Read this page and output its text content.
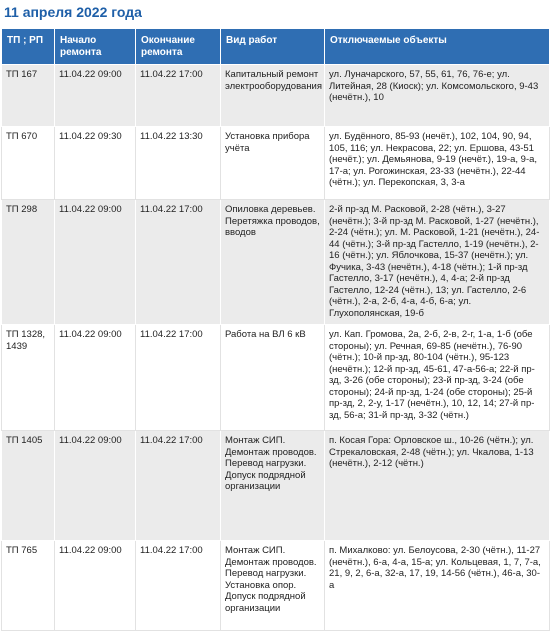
11 апреля 2022 года
ТП ; РП	Начало ремонта	Окончание ремонта	Вид работ	Отключаемые объекты
ТП 167	11.04.22 09:00	11.04.22 17:00	Капитальный ремонт электрооборудования	ул. Луначарского, 57, 55, 61, 76, 76-е; ул. Литейная, 28 (Киоск); ул. Комсомольского, 9-43 (нечётн.), 10
ТП 670	11.04.22 09:30	11.04.22 13:30	Установка прибора учёта	ул. Будённого, 85-93 (нечёт.), 102, 104, 90, 94, 105, 116; ул. Некрасова, 22; ул. Ершова, 43-51 (нечёт.); ул. Демьянова, 9-19 (нечёт.), 19-а, 9-а, 17-а; ул. Рогожинская, 23-33 (нечётн.), 22-44 (чётн.); ул. Перекопская, 3, 3-а
ТП 298	11.04.22 09:00	11.04.22 17:00	Опиловка деревьев. Перетяжка проводов, вводов	2-й пр-зд М. Расковой, 2-28 (чётн.), 3-27 (нечётн.); 3-й пр-зд М. Расковой, 1-27 (нечётн.), 2-24 (чётн.); ул. М. Расковой, 1-21 (нечётн.), 24-44 (чётн.); 3-й пр-зд Гастелло, 1-19 (нечётн.), 2-16 (чётн.); ул. Яблочкова, 15-37 (нечётн.); ул. Фучика, 3-43 (нечётн.), 4-18 (чётн.); 1-й пр-зд Гастелло, 3-17 (нечётн.), 4, 4-а; 2-й пр-зд Гастелло, 12-24 (чётн.), 13; ул. Гастелло, 2-6 (чётн.), 2-а, 2-б, 4-а, 4-б, 6-а; ул. Глухополянская, 19-б
ТП 1328, 1439	11.04.22 09:00	11.04.22 17:00	Работа на ВЛ 6 кВ	ул. Кап. Громова, 2а, 2-б, 2-в, 2-г, 1-а, 1-б (обе стороны); ул. Речная, 69-85 (нечётн.), 76-90 (чётн.); 10-й пр-зд, 80-104 (чётн.), 95-123 (нечётн.); 12-й пр-зд, 45-61, 47-а-56-а; 22-й пр-зд, 3-26 (обе стороны); 23-й пр-зд, 3-24 (обе стороны); 24-й пр-зд, 1-24 (обе стороны); 25-й пр-зд, 2, 2-у, 1-17 (нечётн.), 10, 12, 14; 27-й пр-зд, 56-а; 31-й пр-зд, 3-32 (чётн.)
ТП 1405	11.04.22 09:00	11.04.22 17:00	Монтаж СИП. Демонтаж проводов. Перевод нагрузки. Допуск подрядной организации	п. Косая Гора: Орловское ш., 10-26 (чётн.); ул. Стрекаловская, 2-48 (чётн.); ул. Чкалова, 1-13 (нечётн.), 2-12 (чётн.)
ТП 765	11.04.22 09:00	11.04.22 17:00	Монтаж СИП. Демонтаж проводов. Перевод нагрузки. Установка опор. Допуск подрядной организации	п. Михалково: ул. Белоусова, 2-30 (чётн.), 11-27 (нечётн.), 6-а, 4-а, 15-а; ул. Кольцевая, 1, 7, 7-а, 21, 9, 2, 6-а, 32-а, 17, 19, 14-56 (чётн.), 46-а, 30-а
